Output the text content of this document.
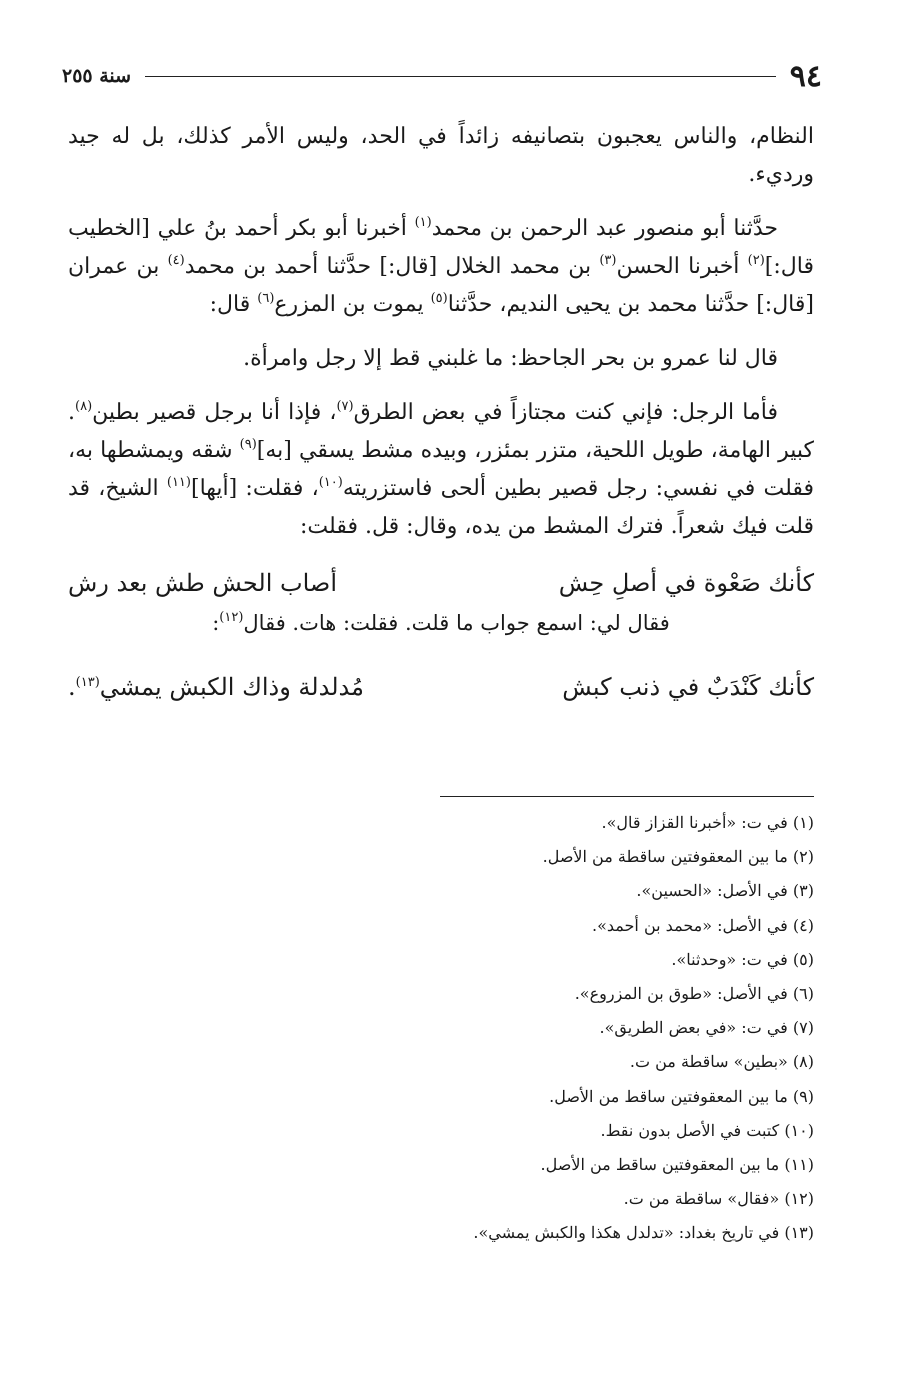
٩٤
سنة ٢٥٥

النظام، والناس يعجبون بتصانيفه زائداً في الحد، وليس الأمر كذلك، بل له جيد ورديء.

حدَّثنا أبو منصور عبد الرحمن بن محمد$^{(١)}$ أخبرنا أبو بكر أحمد بنُ علي [الخطيب قال:]$^{(٢)}$ أخبرنا الحسن$^{(٣)}$ بن محمد الخلال [قال:] حدَّثنا أحمد بن محمد$^{(٤)}$ بن عمران [قال:] حدَّثنا محمد بن يحيى النديم، حدَّثنا$^{(٥)}$ يموت بن المزرع$^{(٦)}$ قال:

قال لنا عمرو بن بحر الجاحظ: ما غلبني قط إلا رجل وامرأة.

فأما الرجل: فإني كنت مجتازاً في بعض الطرق$^{(٧)}$، فإذا أنا برجل قصير بطين$^{(٨)}$. كبير الهامة، طويل اللحية، متزر بمئزر، وبيده مشط يسقي [به]$^{(٩)}$ شقه ويمشطها به، فقلت في نفسي: رجل قصير بطين ألحى فاستزريته$^{(١٠)}$، فقلت: [أيها]$^{(١١)}$ الشيخ، قد قلت فيك شعراً. فترك المشط من يده، وقال: قل. فقلت:

كأنك صَعْوة في أصلِ حِش
أصاب الحش طش بعد رش
فقال لي: اسمع جواب ما قلت. فقلت: هات. فقال$^{(١٢)}$:
كأنك كَنْدَبٌ في ذنب كبش
مُدلدلة وذاك الكبش يمشي$^{(١٣)}$.
(١) في ت: «أخبرنا القزاز قال».
(٢) ما بين المعقوفتين ساقطة من الأصل.
(٣) في الأصل: «الحسين».
(٤) في الأصل: «محمد بن أحمد».
(٥) في ت: «وحدثنا».
(٦) في الأصل: «طوق بن المزروع».
(٧) في ت: «في بعض الطريق».
(٨) «بطين» ساقطة من ت.
(٩) ما بين المعقوفتين ساقط من الأصل.
(١٠) كتبت في الأصل بدون نقط.
(١١) ما بين المعقوفتين ساقط من الأصل.
(١٢) «فقال» ساقطة من ت.
(١٣) في تاريخ بغداد: «تدلدل هكذا والكبش يمشي».
